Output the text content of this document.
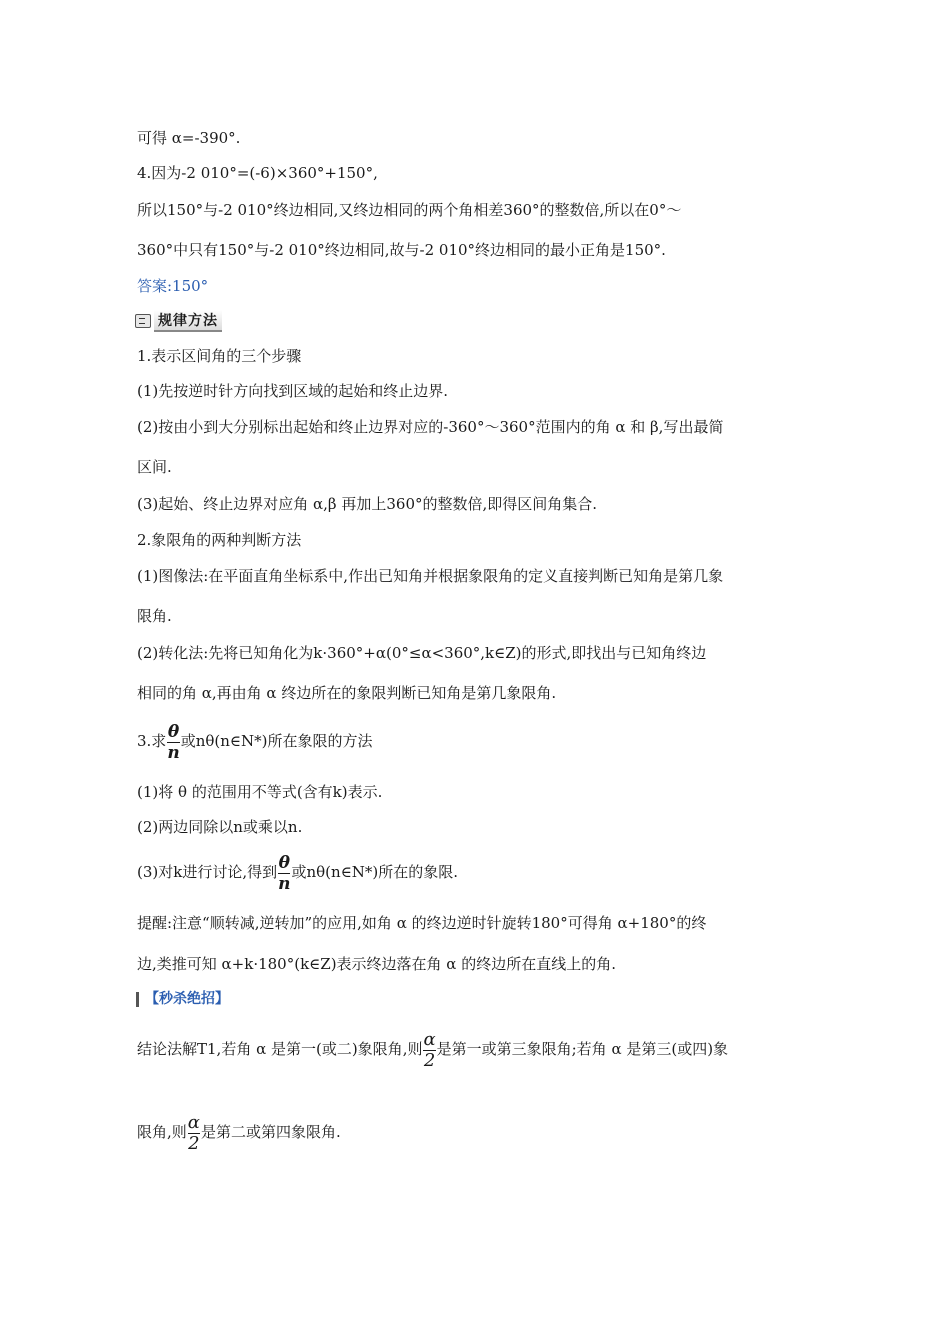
可得 α=-390°.
4.因为-2 010°=(-6)×360°+150°,
所以150°与-2 010°终边相同,又终边相同的两个角相差360°的整数倍,所以在0°～
360°中只有150°与-2 010°终边相同,故与-2 010°终边相同的最小正角是150°.
答案:150°
规律方法
1.表示区间角的三个步骤
(1)先按逆时针方向找到区域的起始和终止边界.
(2)按由小到大分别标出起始和终止边界对应的-360°～360°范围内的角 α 和 β,写出最简
区间.
(3)起始、终止边界对应角 α,β 再加上360°的整数倍,即得区间角集合.
2.象限角的两种判断方法
(1)图像法:在平面直角坐标系中,作出已知角并根据象限角的定义直接判断已知角是第几象
限角.
(2)转化法:先将已知角化为k·360°+α(0°≤α<360°,k∈Z)的形式,即找出与已知角终边
相同的角 α,再由角 α 终边所在的象限判断已知角是第几象限角.
3.求 $\frac{\theta}{n}$ 或nθ(n∈N*)所在象限的方法
(1)将 θ 的范围用不等式(含有k)表示.
(2)两边同除以n或乘以n.
(3)对k进行讨论,得到 $\frac{\theta}{n}$ 或nθ(n∈N*)所在的象限.
提醒:注意“顺转减,逆转加”的应用,如角 α 的终边逆时针旋转180°可得角 α+180°的终
边,类推可知 α+k·180°(k∈Z)表示终边落在角 α 的终边所在直线上的角.
【秒杀绝招】
结论法解T1,若角 α 是第一(或二)象限角,则 $\frac{\alpha}{2}$ 是第一或第三象限角;若角 α 是第三(或四)象
限角,则 $\frac{\alpha}{2}$ 是第二或第四象限角.
